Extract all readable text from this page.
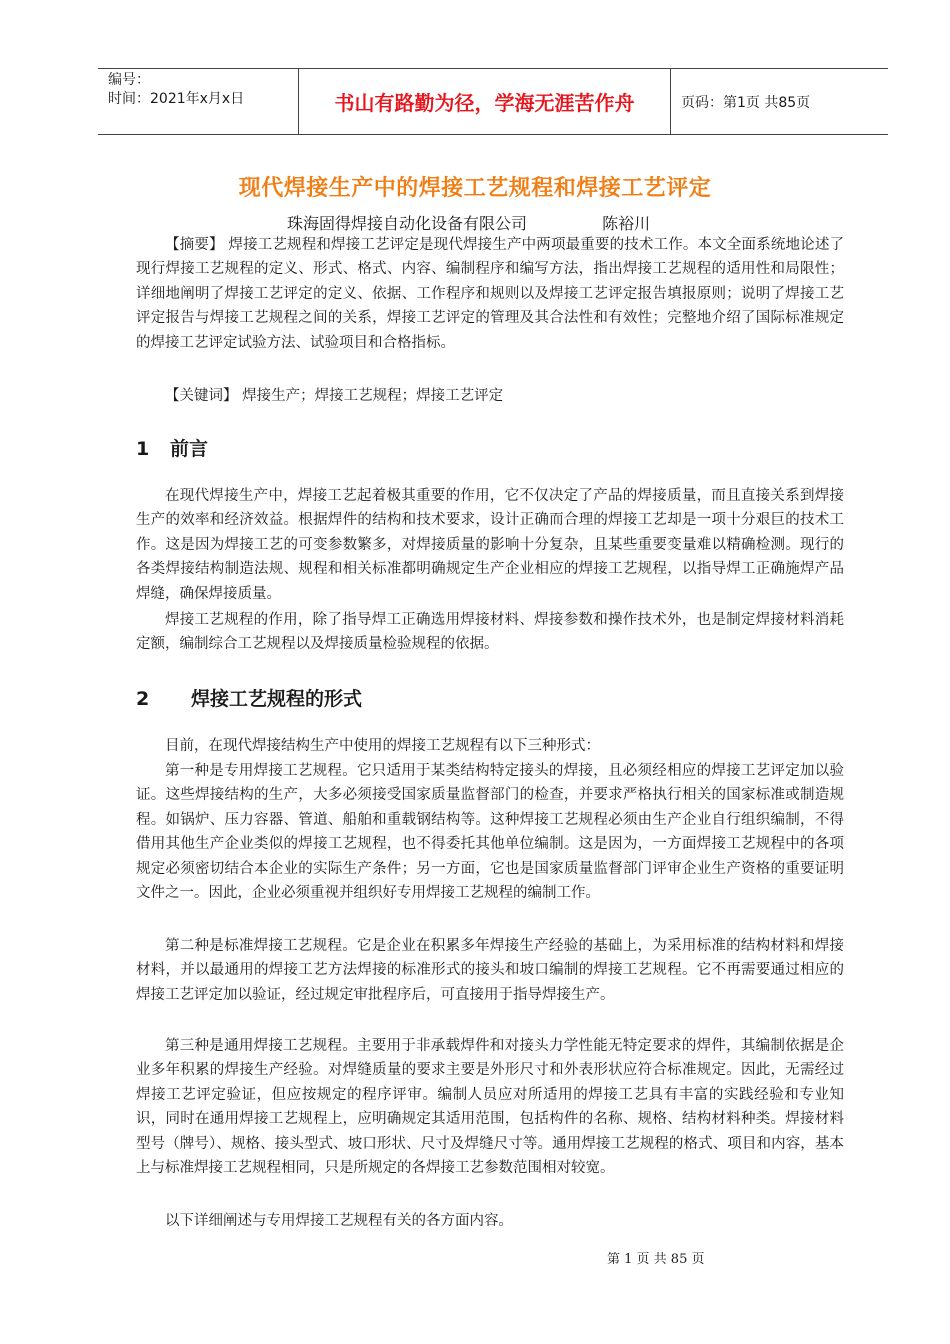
编号：
时间：2021年x月x日	书山有路勤为径，学海无涯苦作舟	页码：第1页 共85页
现代焊接生产中的焊接工艺规程和焊接工艺评定
珠海固得焊接自动化设备有限公司	陈裕川

【摘要】 焊接工艺规程和焊接工艺评定是现代焊接生产中两项最重要的技术工作。本文全面系统地论述了现行焊接工艺规程的定义、形式、格式、内容、编制程序和编写方法，指出焊接工艺规程的适用性和局限性；详细地阐明了焊接工艺评定的定义、依据、工作程序和规则以及焊接工艺评定报告填报原则；说明了焊接工艺评定报告与焊接工艺规程之间的关系，焊接工艺评定的管理及其合法性和有效性；完整地介绍了国际标准规定的焊接工艺评定试验方法、试验项目和合格指标。

【关键词】 焊接生产；焊接工艺规程；焊接工艺评定

1 前言

在现代焊接生产中，焊接工艺起着极其重要的作用，它不仅决定了产品的焊接质量，而且直接关系到焊接生产的效率和经济效益。根据焊件的结构和技术要求，设计正确而合理的焊接工艺却是一项十分艰巨的技术工作。这是因为焊接工艺的可变参数繁多，对焊接质量的影响十分复杂，且某些重要变量难以精确检测。现行的各类焊接结构制造法规、规程和相关标准都明确规定生产企业相应的焊接工艺规程，以指导焊工正确施焊产品焊缝，确保焊接质量。

焊接工艺规程的作用，除了指导焊工正确选用焊接材料、焊接参数和操作技术外，也是制定焊接材料消耗定额，编制综合工艺规程以及焊接质量检验规程的依据。

2 焊接工艺规程的形式

目前，在现代焊接结构生产中使用的焊接工艺规程有以下三种形式：

第一种是专用焊接工艺规程。它只适用于某类结构特定接头的焊接，且必须经相应的焊接工艺评定加以验证。这些焊接结构的生产，大多必须接受国家质量监督部门的检查，并要求严格执行相关的国家标准或制造规程。如锅炉、压力容器、管道、船舶和重载钢结构等。这种焊接工艺规程必须由生产企业自行组织编制，不得借用其他生产企业类似的焊接工艺规程，也不得委托其他单位编制。这是因为，一方面焊接工艺规程中的各项规定必须密切结合本企业的实际生产条件；另一方面，它也是国家质量监督部门评审企业生产资格的重要证明文件之一。因此，企业必须重视并组织好专用焊接工艺规程的编制工作。

第二种是标准焊接工艺规程。它是企业在积累多年焊接生产经验的基础上，为采用标准的结构材料和焊接材料，并以最通用的焊接工艺方法焊接的标准形式的接头和坡口编制的焊接工艺规程。它不再需要通过相应的焊接工艺评定加以验证，经过规定审批程序后，可直接用于指导焊接生产。

第三种是通用焊接工艺规程。主要用于非承载焊件和对接头力学性能无特定要求的焊件，其编制依据是企业多年积累的焊接生产经验。对焊缝质量的要求主要是外形尺寸和外表形状应符合标准规定。因此，无需经过焊接工艺评定验证，但应按规定的程序评审。编制人员应对所适用的焊接工艺具有丰富的实践经验和专业知识，同时在通用焊接工艺规程上，应明确规定其适用范围，包括构件的名称、规格、结构材料种类。焊接材料型号（牌号）、规格、接头型式、坡口形状、尺寸及焊缝尺寸等。通用焊接工艺规程的格式、项目和内容，基本上与标准焊接工艺规程相同，只是所规定的各焊接工艺参数范围相对较宽。

以下详细阐述与专用焊接工艺规程有关的各方面内容。

第 1 页 共 85 页
